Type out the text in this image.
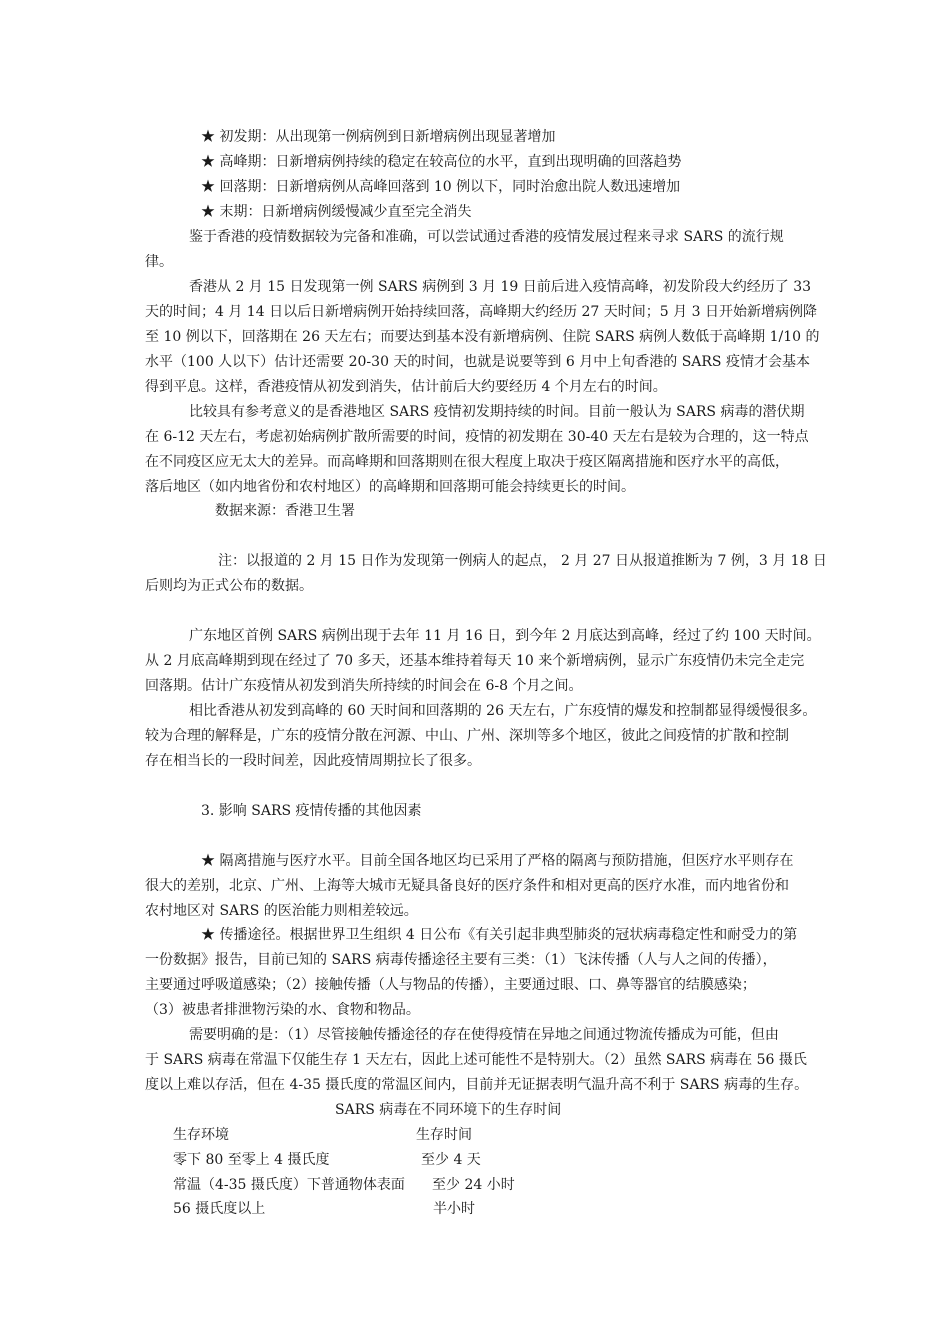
★ 初发期：从出现第一例病例到日新增病例出现显著增加
★ 高峰期：日新增病例持续的稳定在较高位的水平，直到出现明确的回落趋势
★ 回落期：日新增病例从高峰回落到 10 例以下，同时治愈出院人数迅速增加
★ 末期：日新增病例缓慢减少直至完全消失
鉴于香港的疫情数据较为完备和准确，可以尝试通过香港的疫情发展过程来寻求 SARS 的流行规
律。
香港从 2 月 15 日发现第一例 SARS 病例到 3 月 19 日前后进入疫情高峰，初发阶段大约经历了 33
天的时间；4 月 14 日以后日新增病例开始持续回落，高峰期大约经历 27 天时间；5 月 3 日开始新增病例降
至 10 例以下，回落期在 26 天左右；而要达到基本没有新增病例、住院 SARS 病例人数低于高峰期 1/10 的
水平（100 人以下）估计还需要 20-30 天的时间，也就是说要等到 6 月中上旬香港的 SARS 疫情才会基本
得到平息。这样，香港疫情从初发到消失，估计前后大约要经历 4 个月左右的时间。
比较具有参考意义的是香港地区 SARS 疫情初发期持续的时间。目前一般认为 SARS 病毒的潜伏期
在 6-12 天左右，考虑初始病例扩散所需要的时间，疫情的初发期在 30-40 天左右是较为合理的，这一特点
在不同疫区应无太大的差异。而高峰期和回落期则在很大程度上取决于疫区隔离措施和医疗水平的高低，
落后地区（如内地省份和农村地区）的高峰期和回落期可能会持续更长的时间。
数据来源：香港卫生署
注：以报道的 2 月 15 日作为发现第一例病人的起点， 2 月 27 日从报道推断为 7 例，3 月 18 日
后则均为正式公布的数据。
广东地区首例 SARS 病例出现于去年 11 月 16 日，到今年 2 月底达到高峰，经过了约 100 天时间。
从 2 月底高峰期到现在经过了 70 多天，还基本维持着每天 10 来个新增病例，显示广东疫情仍未完全走完
回落期。估计广东疫情从初发到消失所持续的时间会在 6-8 个月之间。
相比香港从初发到高峰的 60 天时间和回落期的 26 天左右，广东疫情的爆发和控制都显得缓慢很多。
较为合理的解释是，广东的疫情分散在河源、中山、广州、深圳等多个地区，彼此之间疫情的扩散和控制
存在相当长的一段时间差，因此疫情周期拉长了很多。
3. 影响 SARS 疫情传播的其他因素
★ 隔离措施与医疗水平。目前全国各地区均已采用了严格的隔离与预防措施，但医疗水平则存在
很大的差别，北京、广州、上海等大城市无疑具备良好的医疗条件和相对更高的医疗水准，而内地省份和
农村地区对 SARS 的医治能力则相差较远。
★ 传播途径。根据世界卫生组织 4 日公布《有关引起非典型肺炎的冠状病毒稳定性和耐受力的第
一份数据》报告，目前已知的 SARS 病毒传播途径主要有三类：（1）飞沫传播（人与人之间的传播），
主要通过呼吸道感染；（2）接触传播（人与物品的传播），主要通过眼、口、鼻等器官的结膜感染；
（3）被患者排泄物污染的水、食物和物品。
需要明确的是：（1）尽管接触传播途径的存在使得疫情在异地之间通过物流传播成为可能，但由
于 SARS 病毒在常温下仅能生存 1 天左右，因此上述可能性不是特别大。（2）虽然 SARS 病毒在 56 摄氏
度以上难以存活，但在 4-35 摄氏度的常温区间内，目前并无证据表明气温升高不利于 SARS 病毒的生存。
SARS 病毒在不同环境下的生存时间
生存环境	生存时间
零下 80 至零上 4 摄氏度	至少 4 天
常温（4-35 摄氏度）下普通物体表面 至少 24 小时
56 摄氏度以上	半小时
